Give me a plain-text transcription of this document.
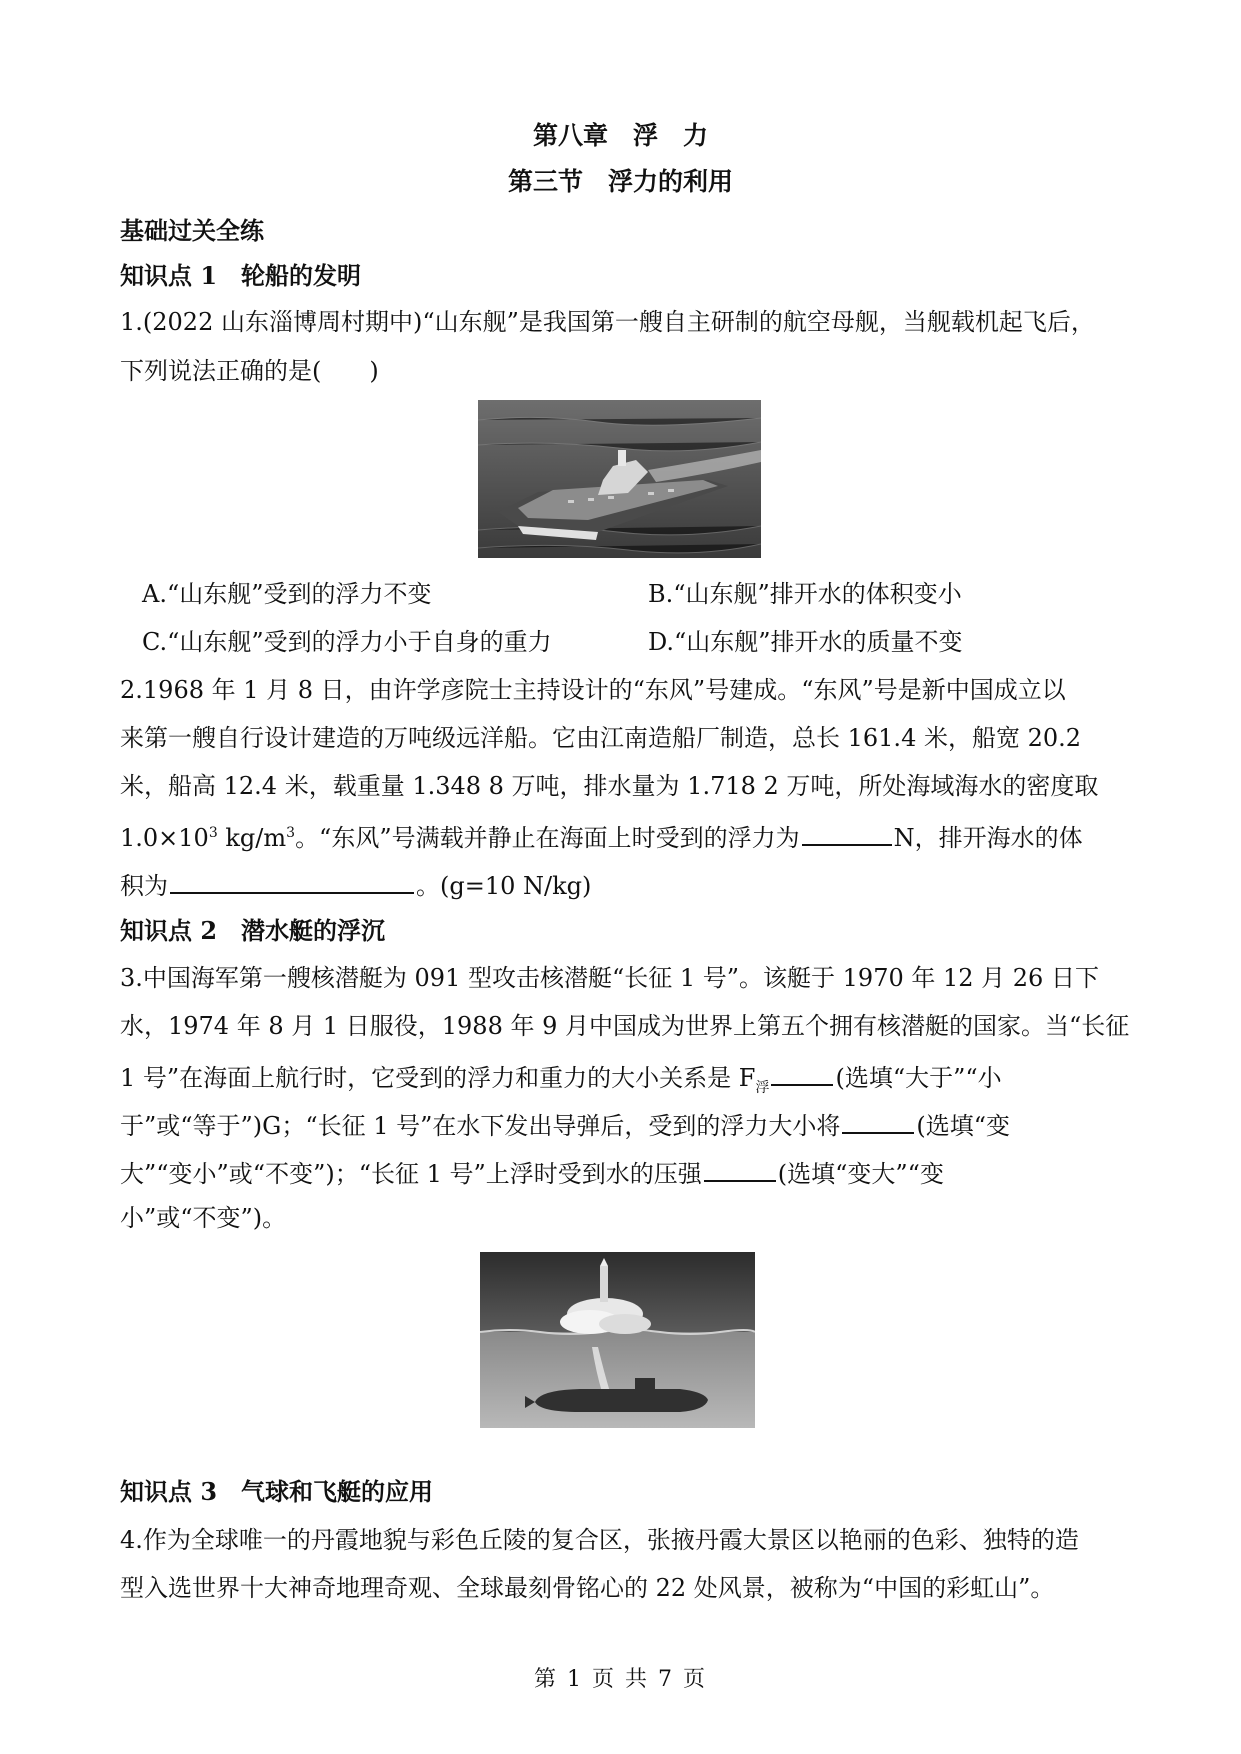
第八章　浮　力
第三节　浮力的利用
基础过关全练
知识点 1　轮船的发明
1.(2022 山东淄博周村期中)“山东舰”是我国第一艘自主研制的航空母舰，当舰载机起飞后，
下列说法正确的是(　　)
A.“山东舰”受到的浮力不变	B.“山东舰”排开水的体积变小
C.“山东舰”受到的浮力小于自身的重力	D.“山东舰”排开水的质量不变
2.1968 年 1 月 8 日，由许学彦院士主持设计的“东风”号建成。“东风”号是新中国成立以
来第一艘自行设计建造的万吨级远洋船。它由江南造船厂制造，总长 161.4 米，船宽 20.2
米，船高 12.4 米，载重量 1.348 8 万吨，排水量为 1.718 2 万吨，所处海域海水的密度取
$1.0\times 10^3$ $kg/m^3$。“东风”号满载并静止在海面上时受到的浮力为	N，排开海水的体
积为	。(g=10 N/kg)
知识点 2　潜水艇的浮沉
3.中国海军第一艘核潜艇为 091 型攻击核潜艇“长征 1 号”。该艇于 1970 年 12 月 26 日下
水，1974 年 8 月 1 日服役，1988 年 9 月中国成为世界上第五个拥有核潜艇的国家。当“长征
1 号”在海面上航行时，它受到的浮力和重力的大小关系是 $F_浮$	(选填“大于”“小
于”或“等于”)G；“长征 1 号”在水下发出导弹后，受到的浮力大小将	(选填“变
大”“变小”或“不变”)；“长征 1 号”上浮时受到水的压强	(选填“变大”“变
小”或“不变”)。
知识点 3　气球和飞艇的应用
4.作为全球唯一的丹霞地貌与彩色丘陵的复合区，张掖丹霞大景区以艳丽的色彩、独特的造
型入选世界十大神奇地理奇观、全球最刻骨铭心的 22 处风景，被称为“中国的彩虹山”。
第 1 页 共 7 页
